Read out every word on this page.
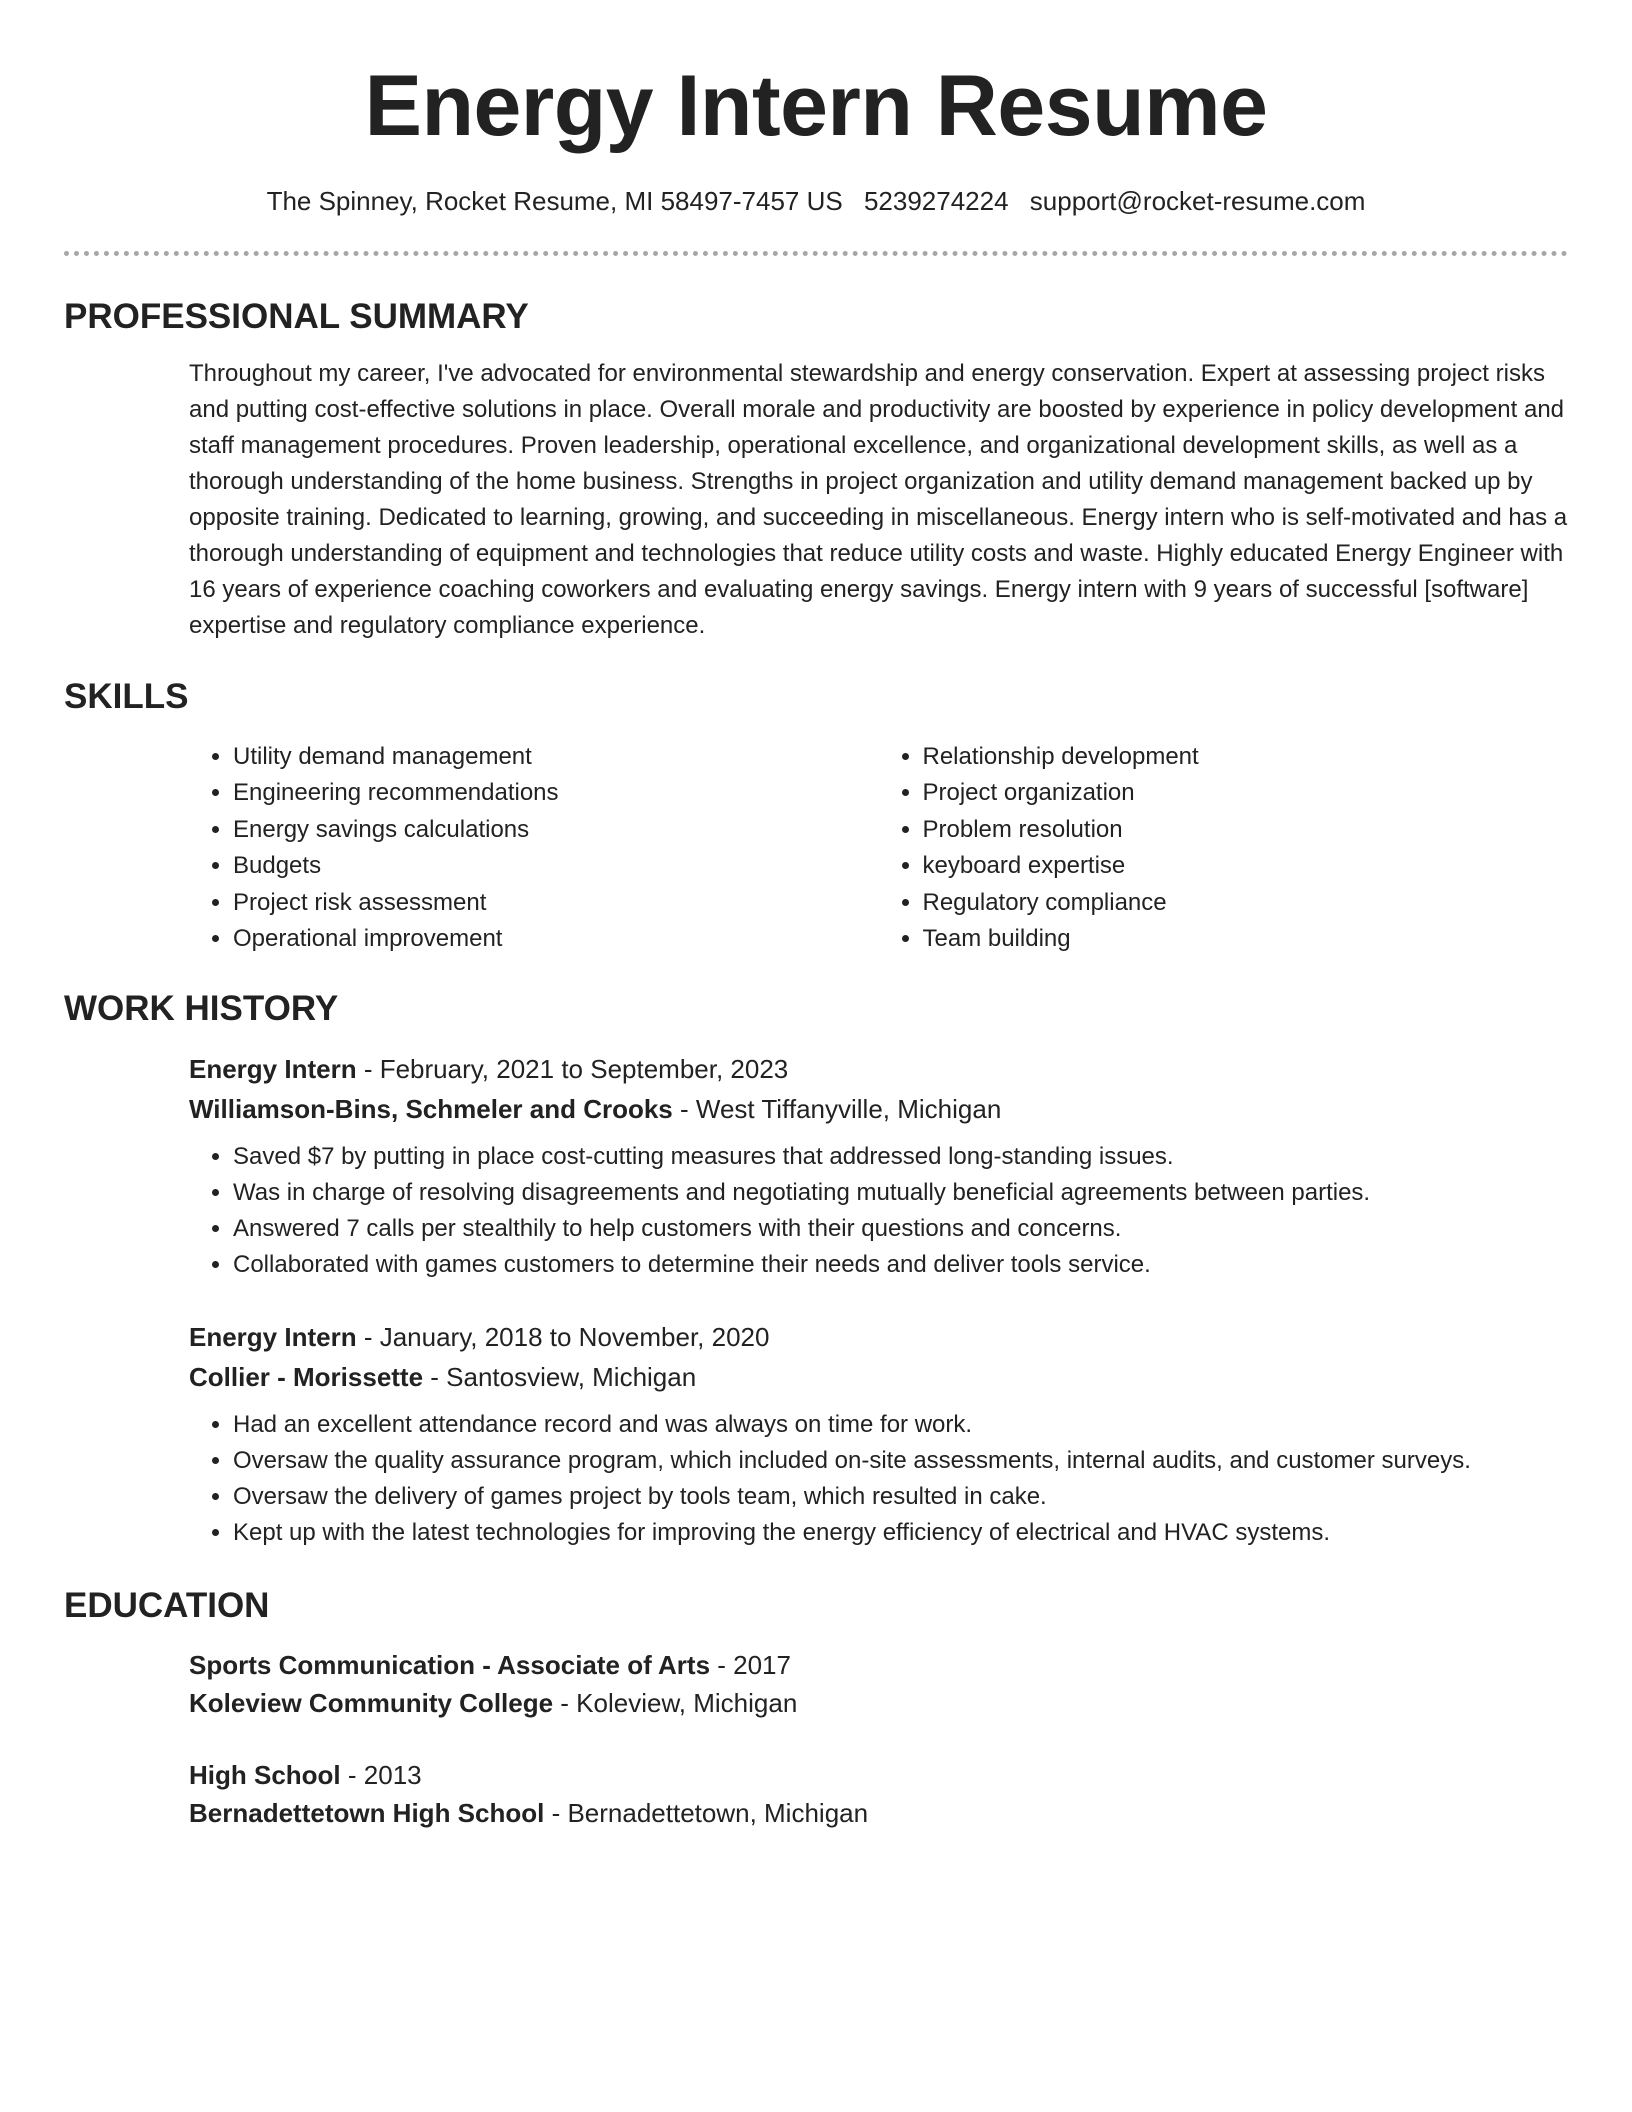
Energy Intern Resume
The Spinney, Rocket Resume, MI 58497-7457 US 5239274224 support@rocket-resume.com
PROFESSIONAL SUMMARY

Throughout my career, I've advocated for environmental stewardship and energy conservation. Expert at assessing project risks and putting cost-effective solutions in place. Overall morale and productivity are boosted by experience in policy development and staff management procedures. Proven leadership, operational excellence, and organizational development skills, as well as a thorough understanding of the home business. Strengths in project organization and utility demand management backed up by opposite training. Dedicated to learning, growing, and succeeding in miscellaneous. Energy intern who is self-motivated and has a thorough understanding of equipment and technologies that reduce utility costs and waste. Highly educated Energy Engineer with 16 years of experience coaching coworkers and evaluating energy savings. Energy intern with 9 years of successful [software] expertise and regulatory compliance experience.

SKILLS
• Utility demand management
• Engineering recommendations
• Energy savings calculations
• Budgets
• Project risk assessment
• Operational improvement
• Relationship development
• Project organization
• Problem resolution
• keyboard expertise
• Regulatory compliance
• Team building
WORK HISTORY
Energy Intern - February, 2021 to September, 2023
Williamson-Bins, Schmeler and Crooks - West Tiffanyville, Michigan
• Saved $7 by putting in place cost-cutting measures that addressed long-standing issues.
• Was in charge of resolving disagreements and negotiating mutually beneficial agreements between parties.
• Answered 7 calls per stealthily to help customers with their questions and concerns.
• Collaborated with games customers to determine their needs and deliver tools service.
Energy Intern - January, 2018 to November, 2020
Collier - Morissette - Santosview, Michigan
• Had an excellent attendance record and was always on time for work.
• Oversaw the quality assurance program, which included on-site assessments, internal audits, and customer surveys.
• Oversaw the delivery of games project by tools team, which resulted in cake.
• Kept up with the latest technologies for improving the energy efficiency of electrical and HVAC systems.
EDUCATION
Sports Communication - Associate of Arts - 2017
Koleview Community College - Koleview, Michigan
High School - 2013
Bernadettetown High School - Bernadettetown, Michigan
